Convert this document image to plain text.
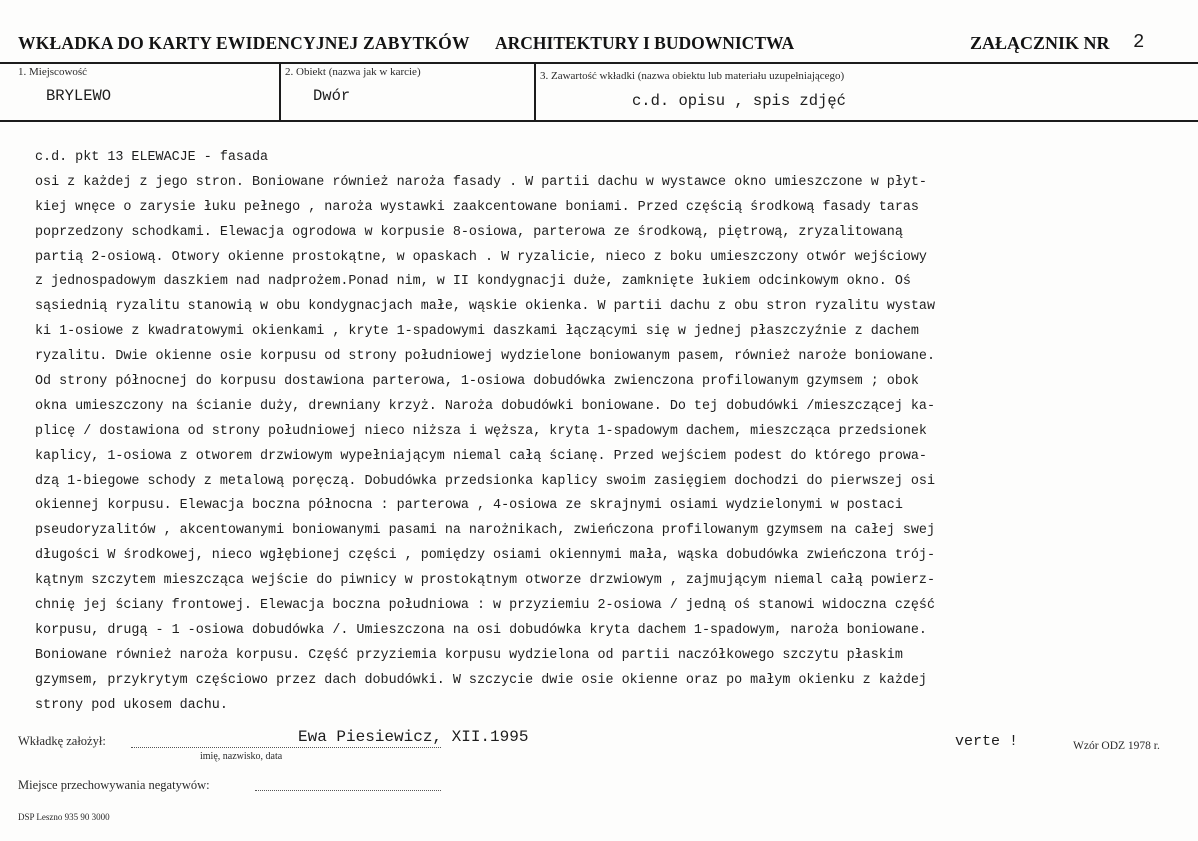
WKŁADKA DO KARTY EWIDENCYJNEJ ZABYTKÓW ARCHITEKTURY I BUDOWNICTWA	ZAŁĄCZNIK NR 2
1. Miejscowość
BRYLEWO
2. Obiekt (nazwa jak w karcie)
Dwór
3. Zawartość wkładki (nazwa obiektu lub materiału uzupełniającego)
c.d. opisu , spis zdjęć
c.d. pkt 13 ELEWACJE - fasada
osi z każdej z jego stron. Boniowane również naroża fasady . W partii dachu w wystawce okno umieszczone w płyt-
kiej wnęce o zarysie łuku pełnego , naroża wystawki zaakcentowane boniami. Przed częścią środkową fasady taras
poprzedzony schodkami. Elewacja ogrodowa w korpusie 8-osiowa, parterowa ze środkową, piętrową, zryzalitowaną
partią 2-osiową. Otwory okienne prostokątne, w opaskach . W ryzalicie, nieco z boku umieszczony otwór wejściowy
z jednospadowym daszkiem nad nadprożem.Ponad nim, w II kondygnacji duże, zamknięte łukiem odcinkowym okno. Oś
sąsiednią ryzalitu stanowią w obu kondygnacjach małe, wąskie okienka. W partii dachu z obu stron ryzalitu wystaw
ki 1-osiowe z kwadratowymi okienkami , kryte 1-spadowymi daszkami łączącymi się w jednej płaszczyźnie z dachem
ryzalitu. Dwie okienne osie korpusu od strony południowej wydzielone boniowanym pasem, również naroże boniowane.
Od strony północnej do korpusu dostawiona parterowa, 1-osiowa dobudówka zwienczona profilowanym gzymsem ; obok
okna umieszczony na ścianie duży, drewniany krzyż. Naroża dobudówki boniowane. Do tej dobudówki /mieszczącej ka-
plicę / dostawiona od strony południowej nieco niższa i węższa, kryta 1-spadowym dachem, mieszcząca przedsionek
kaplicy, 1-osiowa z otworem drzwiowym wypełniającym niemal całą ścianę. Przed wejściem podest do którego prowa-
dzą 1-biegowe schody z metalową poręczą. Dobudówka przedsionka kaplicy swoim zasięgiem dochodzi do pierwszej osi
okiennej korpusu. Elewacja boczna północna : parterowa , 4-osiowa ze skrajnymi osiami wydzielonymi w postaci
pseudoryzalitów , akcentowanymi boniowanymi pasami na narożnikach, zwieńczona profilowanym gzymsem na całej swej
długości W środkowej, nieco wgłębionej części , pomiędzy osiami okiennymi mała, wąska dobudówka zwieńczona trój-
kątnym szczytem mieszcząca wejście do piwnicy w prostokątnym otworze drzwiowym , zajmującym niemal całą powierz-
chnię jej ściany frontowej. Elewacja boczna południowa : w przyziemiu 2-osiowa / jedną oś stanowi widoczna część
korpusu, drugą - 1 -osiowa dobudówka /. Umieszczona na osi dobudówka kryta dachem 1-spadowym, naroża boniowane.
Boniowane również naroża korpusu. Część przyziemia korpusu wydzielona od partii naczółkowego szczytu płaskim
gzymsem, przykrytym częściowo przez dach dobudówki. W szczycie dwie osie okienne oraz po małym okienku z każdej
strony pod ukosem dachu.
Wkładkę założył:	Ewa Piesiewicz, XII.1995
imię, nazwisko, data
verte !	Wzór ODZ 1978 r.
Miejsce przechowywania negatywów:
DSP Leszno 935 90 3000
